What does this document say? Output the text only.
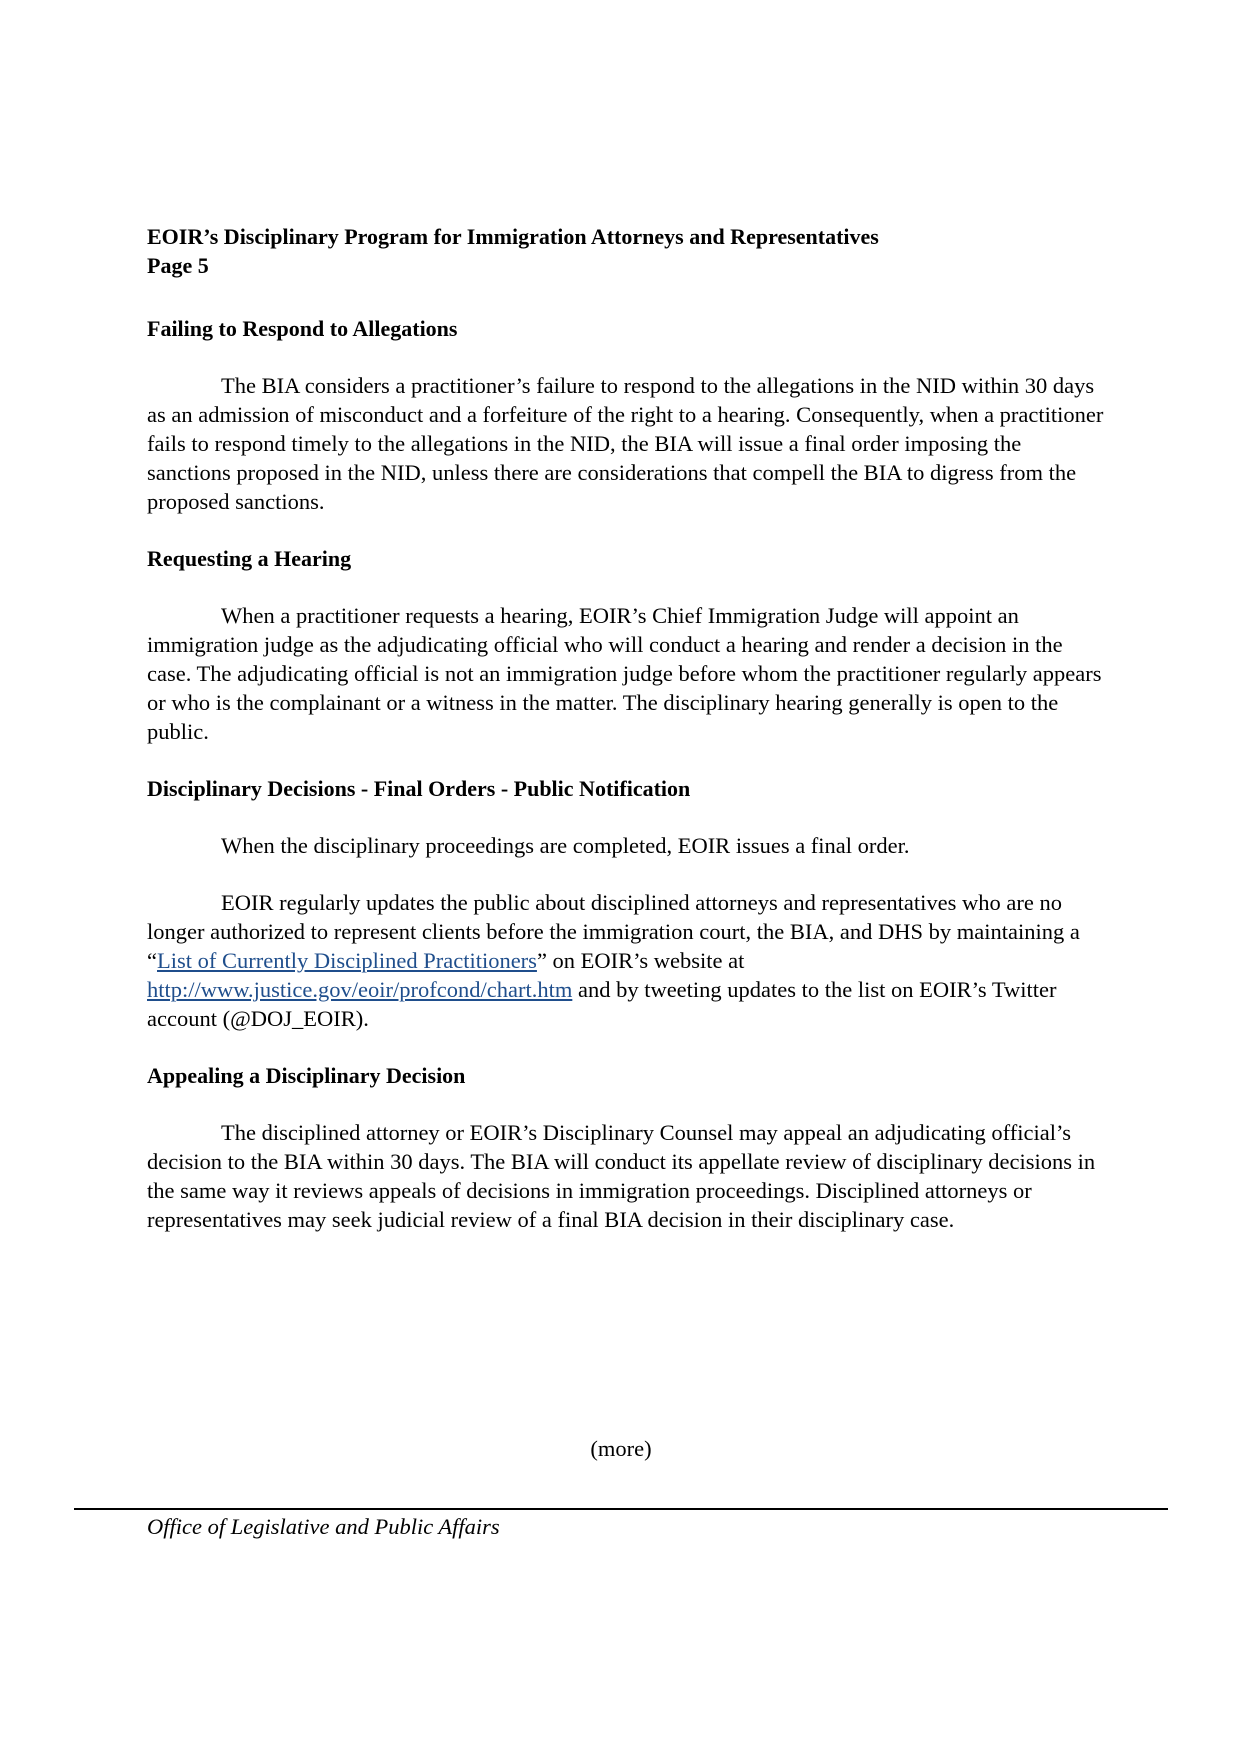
EOIR’s Disciplinary Program for Immigration Attorneys and Representatives

Page 5

Failing to Respond to Allegations

The BIA considers a practitioner’s failure to respond to the allegations in the NID within 30 days as an admission of misconduct and a forfeiture of the right to a hearing. Consequently, when a practitioner fails to respond timely to the allegations in the NID, the BIA will issue a final order imposing the sanctions proposed in the NID, unless there are considerations that compell the BIA to digress from the proposed sanctions.

Requesting a Hearing

When a practitioner requests a hearing, EOIR’s Chief Immigration Judge will appoint an immigration judge as the adjudicating official who will conduct a hearing and render a decision in the case. The adjudicating official is not an immigration judge before whom the practitioner regularly appears or who is the complainant or a witness in the matter. The disciplinary hearing generally is open to the public.

Disciplinary Decisions - Final Orders - Public Notification

When the disciplinary proceedings are completed, EOIR issues a final order.

EOIR regularly updates the public about disciplined attorneys and representatives who are no longer authorized to represent clients before the immigration court, the BIA, and DHS by maintaining a “List of Currently Disciplined Practitioners” on EOIR’s website at http://www.justice.gov/eoir/profcond/chart.htm and by tweeting updates to the list on EOIR’s Twitter account (@DOJ_EOIR).

Appealing a Disciplinary Decision

The disciplined attorney or EOIR’s Disciplinary Counsel may appeal an adjudicating official’s decision to the BIA within 30 days. The BIA will conduct its appellate review of disciplinary decisions in the same way it reviews appeals of decisions in immigration proceedings. Disciplined attorneys or representatives may seek judicial review of a final BIA decision in their disciplinary case.

(more)
Office of Legislative and Public Affairs
